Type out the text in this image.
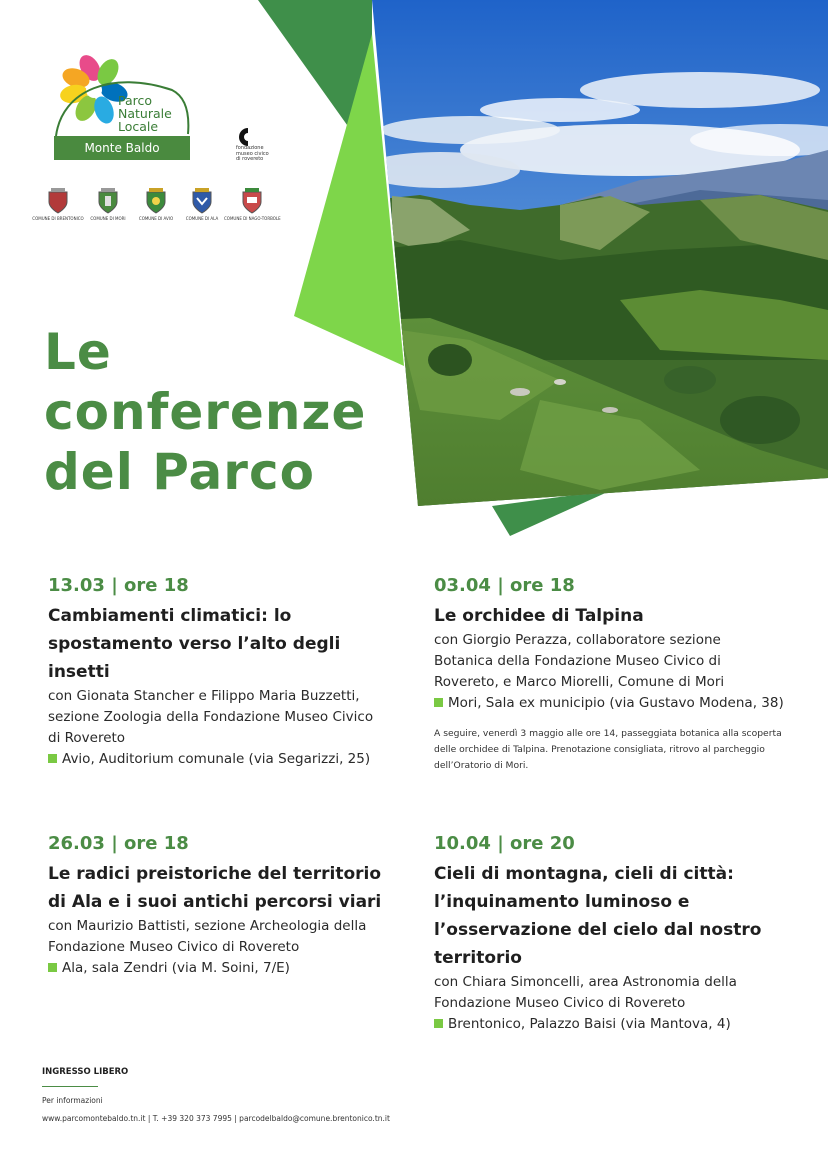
Parco
Naturale
Locale
Monte Baldo	fondazione
museo civico
di rovereto
COMUNE DI BRENTONICO	COMUNE DI MORI	COMUNE DI AVIO	COMUNE DI ALA	COMUNE DI NAGO-TORBOLE
Le
conferenze
del Parco
13.03 | ore 18
Cambiamenti climatici: lo spostamento verso l’alto degli insetti
con Gionata Stancher e Filippo Maria Buzzetti, sezione Zoologia della Fondazione Museo Civico di Rovereto
Avio, Auditorium comunale (via Segarizzi, 25)
03.04 | ore 18
Le orchidee di Talpina
con Giorgio Perazza, collaboratore sezione Botanica della Fondazione Museo Civico di Rovereto, e Marco Miorelli, Comune di Mori
Mori, Sala ex municipio (via Gustavo Modena, 38)
A seguire, venerdì 3 maggio alle ore 14, passeggiata botanica alla scoperta delle orchidee di Talpina. Prenotazione consigliata, ritrovo al parcheggio dell’Oratorio di Mori.
26.03 | ore 18
Le radici preistoriche del territorio di Ala e i suoi antichi percorsi viari
con Maurizio Battisti, sezione Archeologia della Fondazione Museo Civico di Rovereto
Ala, sala Zendri (via M. Soini, 7/E)
10.04 | ore 20
Cieli di montagna, cieli di città: l’inquinamento luminoso e l’osservazione del cielo dal nostro territorio
con Chiara Simoncelli, area Astronomia della Fondazione Museo Civico di Rovereto
Brentonico, Palazzo Baisi (via Mantova, 4)
INGRESSO LIBERO
Per informazioni
www.parcomontebaldo.tn.it | T. +39 320 373 7995 | parcodelbaldo@comune.brentonico.tn.it
